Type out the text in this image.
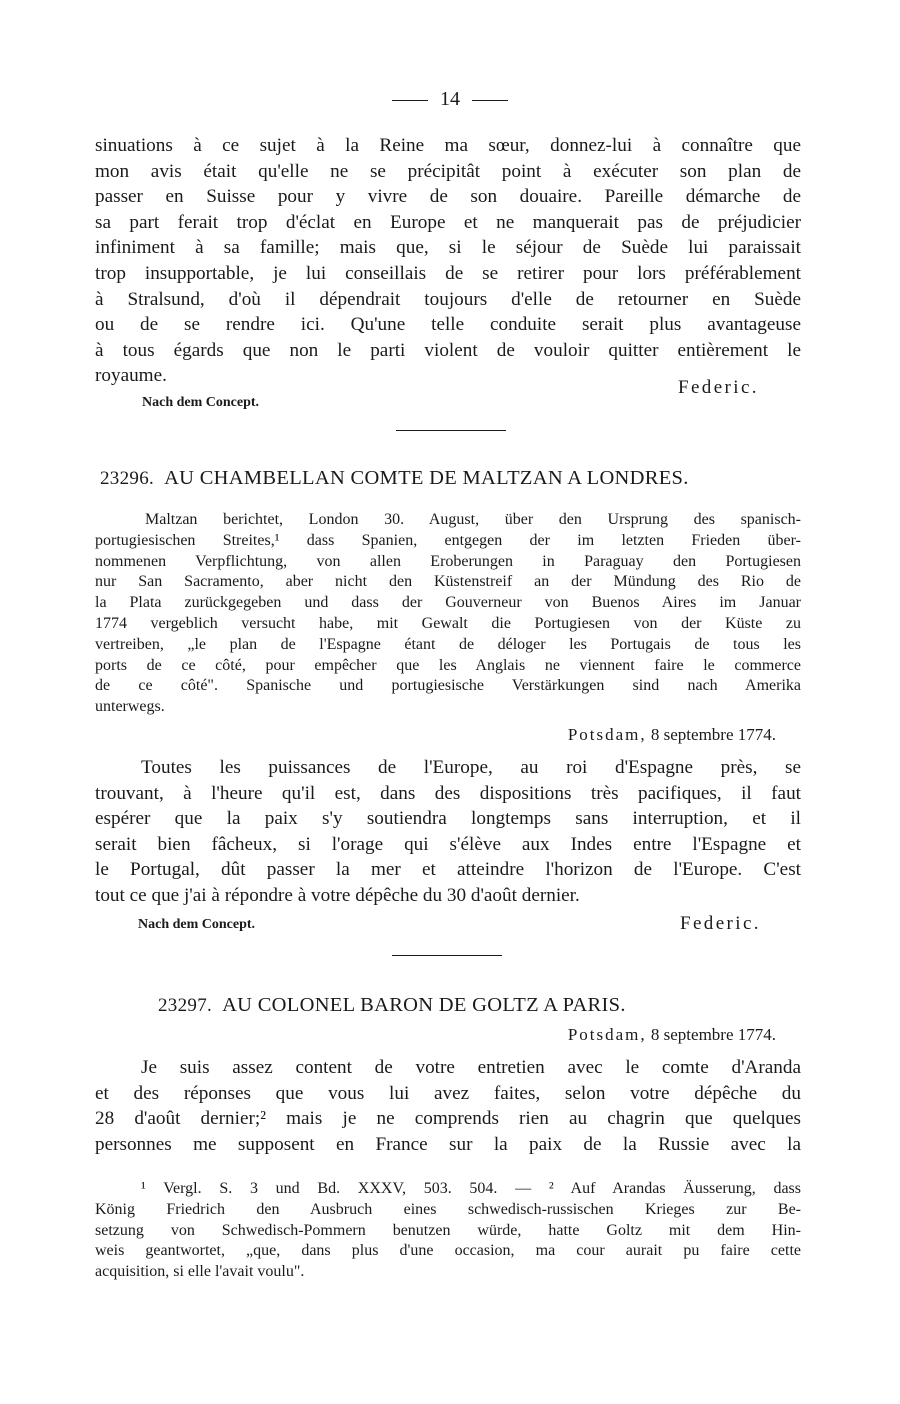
14
sinuations à ce sujet à la Reine ma sœur, donnez-lui à connaître que
mon avis était qu'elle ne se précipitât point à exécuter son plan de
passer en Suisse pour y vivre de son douaire. Pareille démarche de
sa part ferait trop d'éclat en Europe et ne manquerait pas de préjudicier
infiniment à sa famille; mais que, si le séjour de Suède lui paraissait
trop insupportable, je lui conseillais de se retirer pour lors préférablement
à Stralsund, d'où il dépendrait toujours d'elle de retourner en Suède
ou de se rendre ici. Qu'une telle conduite serait plus avantageuse
à tous égards que non le parti violent de vouloir quitter entièrement le
royaume.
Federic.
Nach dem Concept.
23296. AU CHAMBELLAN COMTE DE MALTZAN A LONDRES.
Maltzan berichtet, London 30. August, über den Ursprung des spanisch-
portugiesischen Streites,¹ dass Spanien, entgegen der im letzten Frieden über-
nommenen Verpflichtung, von allen Eroberungen in Paraguay den Portugiesen
nur San Sacramento, aber nicht den Küstenstreif an der Mündung des Rio de
la Plata zurückgegeben und dass der Gouverneur von Buenos Aires im Januar
1774 vergeblich versucht habe, mit Gewalt die Portugiesen von der Küste zu
vertreiben, „le plan de l'Espagne étant de déloger les Portugais de tous les
ports de ce côté, pour empêcher que les Anglais ne viennent faire le commerce
de ce côté". Spanische und portugiesische Verstärkungen sind nach Amerika
unterwegs.
Potsdam, 8 septembre 1774.
Toutes les puissances de l'Europe, au roi d'Espagne près, se
trouvant, à l'heure qu'il est, dans des dispositions très pacifiques, il faut
espérer que la paix s'y soutiendra longtemps sans interruption, et il
serait bien fâcheux, si l'orage qui s'élève aux Indes entre l'Espagne et
le Portugal, dût passer la mer et atteindre l'horizon de l'Europe. C'est
tout ce que j'ai à répondre à votre dépêche du 30 d'août dernier.
Nach dem Concept.	Federic.
23297. AU COLONEL BARON DE GOLTZ A PARIS.
Potsdam, 8 septembre 1774.
Je suis assez content de votre entretien avec le comte d'Aranda
et des réponses que vous lui avez faites, selon votre dépêche du
28 d'août dernier;² mais je ne comprends rien au chagrin que quelques
personnes me supposent en France sur la paix de la Russie avec la
¹ Vergl. S. 3 und Bd. XXXV, 503. 504. — ² Auf Arandas Äusserung, dass
König Friedrich den Ausbruch eines schwedisch-russischen Krieges zur Be-
setzung von Schwedisch-Pommern benutzen würde, hatte Goltz mit dem Hin-
weis geantwortet, „que, dans plus d'une occasion, ma cour aurait pu faire cette
acquisition, si elle l'avait voulu".
